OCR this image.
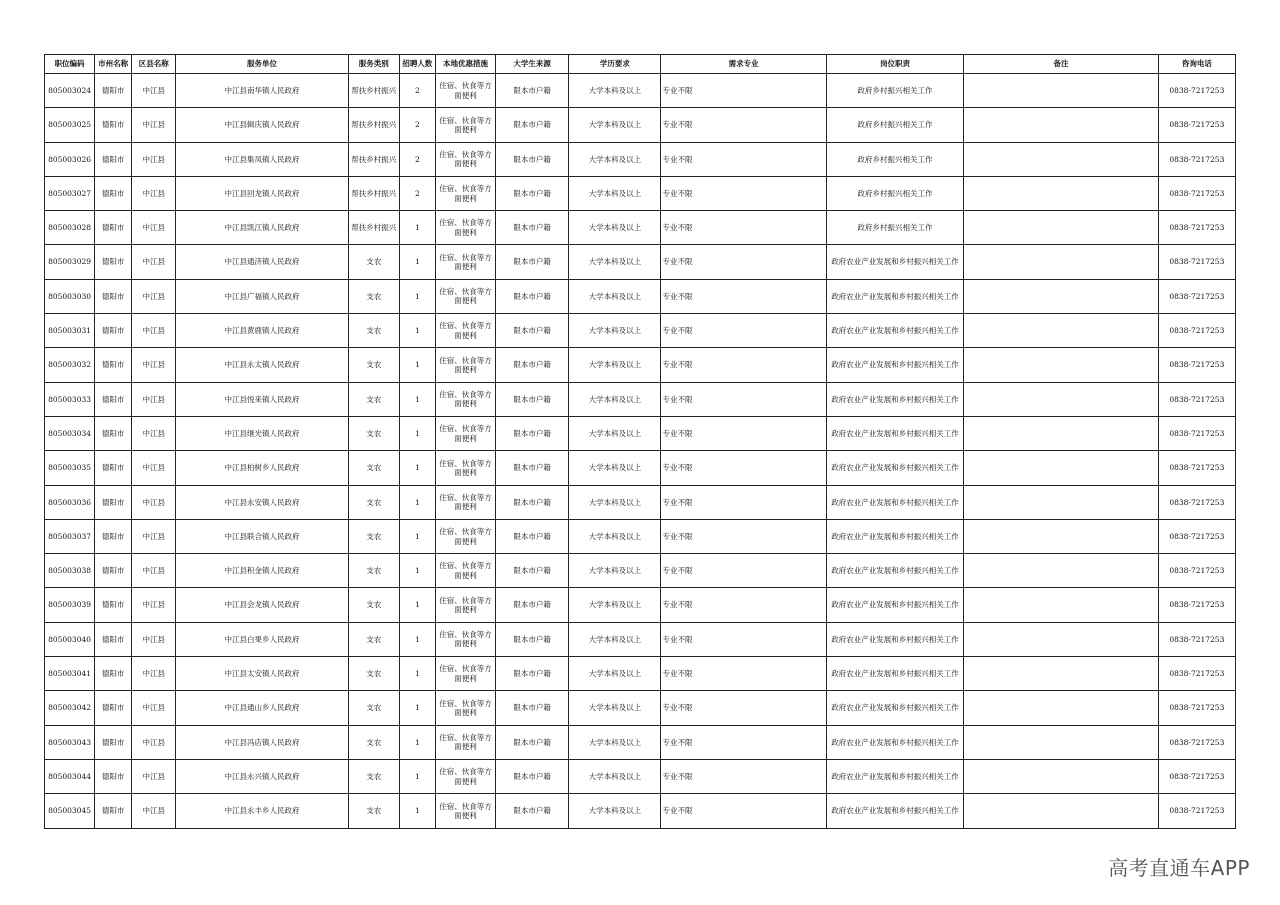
职位编码	市州名称	区县名称	服务单位	服务类别	招聘人数	本地优惠措施	大学生来源	学历要求	需求专业	岗位职责	备注	咨询电话
805003024	德阳市	中江县	中江县南华镇人民政府	帮扶乡村振兴	2	住宿、伙食等方面便利	限本市户籍	大学本科及以上	专业不限	政府乡村振兴相关工作		0838-7217253
805003025	德阳市	中江县	中江县辑庆镇人民政府	帮扶乡村振兴	2	住宿、伙食等方面便利	限本市户籍	大学本科及以上	专业不限	政府乡村振兴相关工作		0838-7217253
805003026	德阳市	中江县	中江县集凤镇人民政府	帮扶乡村振兴	2	住宿、伙食等方面便利	限本市户籍	大学本科及以上	专业不限	政府乡村振兴相关工作		0838-7217253
805003027	德阳市	中江县	中江县回龙镇人民政府	帮扶乡村振兴	2	住宿、伙食等方面便利	限本市户籍	大学本科及以上	专业不限	政府乡村振兴相关工作		0838-7217253
805003028	德阳市	中江县	中江县凯江镇人民政府	帮扶乡村振兴	1	住宿、伙食等方面便利	限本市户籍	大学本科及以上	专业不限	政府乡村振兴相关工作		0838-7217253
805003029	德阳市	中江县	中江县通济镇人民政府	支农	1	住宿、伙食等方面便利	限本市户籍	大学本科及以上	专业不限	政府农业产业发展和乡村振兴相关工作		0838-7217253
805003030	德阳市	中江县	中江县广福镇人民政府	支农	1	住宿、伙食等方面便利	限本市户籍	大学本科及以上	专业不限	政府农业产业发展和乡村振兴相关工作		0838-7217253
805003031	德阳市	中江县	中江县黄鹿镇人民政府	支农	1	住宿、伙食等方面便利	限本市户籍	大学本科及以上	专业不限	政府农业产业发展和乡村振兴相关工作		0838-7217253
805003032	德阳市	中江县	中江县永太镇人民政府	支农	1	住宿、伙食等方面便利	限本市户籍	大学本科及以上	专业不限	政府农业产业发展和乡村振兴相关工作		0838-7217253
805003033	德阳市	中江县	中江县悦来镇人民政府	支农	1	住宿、伙食等方面便利	限本市户籍	大学本科及以上	专业不限	政府农业产业发展和乡村振兴相关工作		0838-7217253
805003034	德阳市	中江县	中江县继光镇人民政府	支农	1	住宿、伙食等方面便利	限本市户籍	大学本科及以上	专业不限	政府农业产业发展和乡村振兴相关工作		0838-7217253
805003035	德阳市	中江县	中江县柏树乡人民政府	支农	1	住宿、伙食等方面便利	限本市户籍	大学本科及以上	专业不限	政府农业产业发展和乡村振兴相关工作		0838-7217253
805003036	德阳市	中江县	中江县永安镇人民政府	支农	1	住宿、伙食等方面便利	限本市户籍	大学本科及以上	专业不限	政府农业产业发展和乡村振兴相关工作		0838-7217253
805003037	德阳市	中江县	中江县联合镇人民政府	支农	1	住宿、伙食等方面便利	限本市户籍	大学本科及以上	专业不限	政府农业产业发展和乡村振兴相关工作		0838-7217253
805003038	德阳市	中江县	中江县积金镇人民政府	支农	1	住宿、伙食等方面便利	限本市户籍	大学本科及以上	专业不限	政府农业产业发展和乡村振兴相关工作		0838-7217253
805003039	德阳市	中江县	中江县会龙镇人民政府	支农	1	住宿、伙食等方面便利	限本市户籍	大学本科及以上	专业不限	政府农业产业发展和乡村振兴相关工作		0838-7217253
805003040	德阳市	中江县	中江县白果乡人民政府	支农	1	住宿、伙食等方面便利	限本市户籍	大学本科及以上	专业不限	政府农业产业发展和乡村振兴相关工作		0838-7217253
805003041	德阳市	中江县	中江县太安镇人民政府	支农	1	住宿、伙食等方面便利	限本市户籍	大学本科及以上	专业不限	政府农业产业发展和乡村振兴相关工作		0838-7217253
805003042	德阳市	中江县	中江县通山乡人民政府	支农	1	住宿、伙食等方面便利	限本市户籍	大学本科及以上	专业不限	政府农业产业发展和乡村振兴相关工作		0838-7217253
805003043	德阳市	中江县	中江县冯店镇人民政府	支农	1	住宿、伙食等方面便利	限本市户籍	大学本科及以上	专业不限	政府农业产业发展和乡村振兴相关工作		0838-7217253
805003044	德阳市	中江县	中江县永兴镇人民政府	支农	1	住宿、伙食等方面便利	限本市户籍	大学本科及以上	专业不限	政府农业产业发展和乡村振兴相关工作		0838-7217253
805003045	德阳市	中江县	中江县永丰乡人民政府	支农	1	住宿、伙食等方面便利	限本市户籍	大学本科及以上	专业不限	政府农业产业发展和乡村振兴相关工作		0838-7217253
高考直通车APP
